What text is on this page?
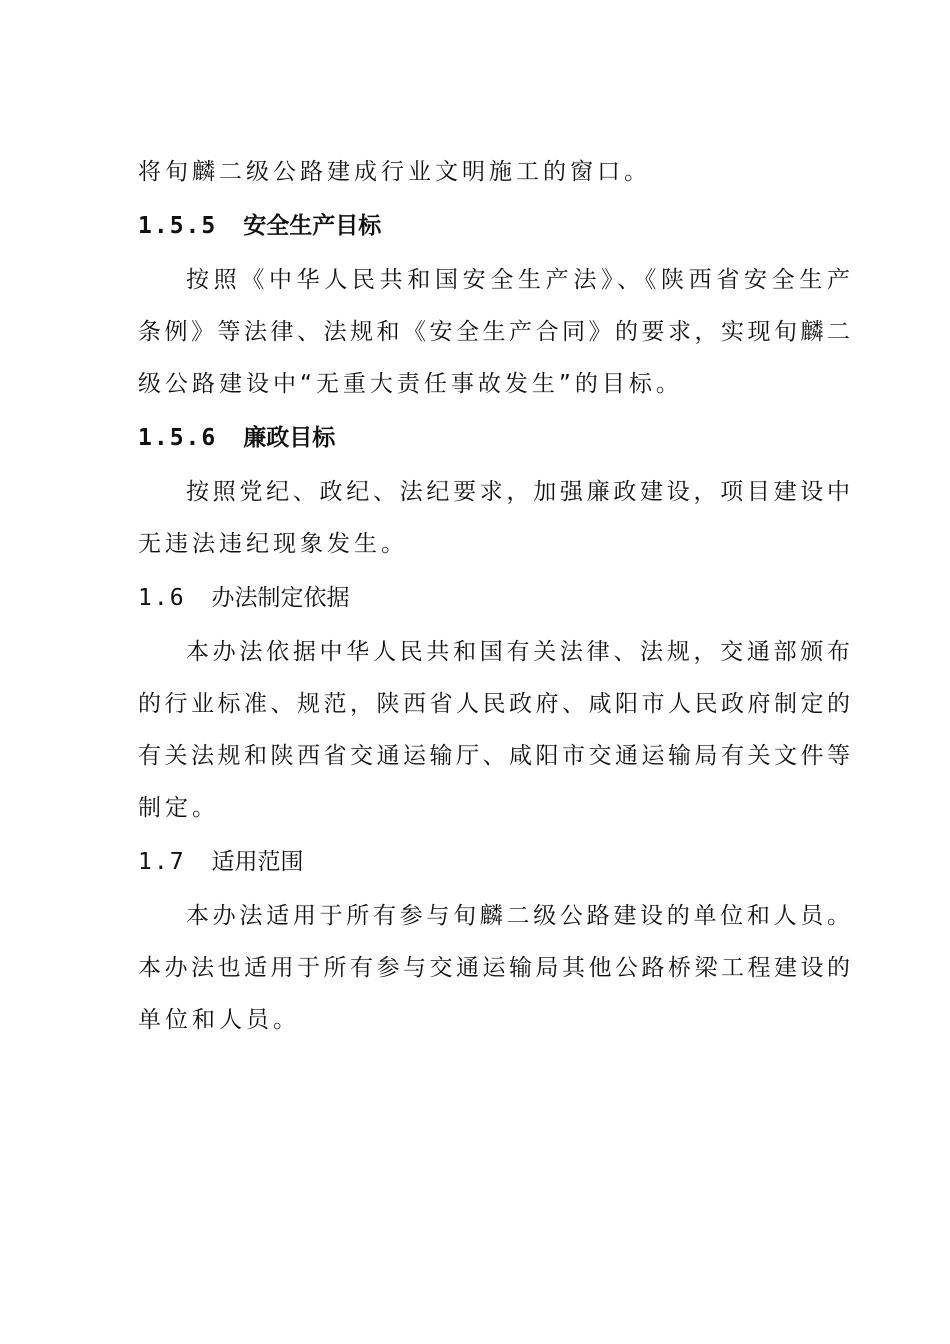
将旬麟二级公路建成行业文明施工的窗口。
1.5.5 安全生产目标
按照《中华人民共和国安全生产法》、《陕西省安全生产
条例》等法律、法规和《安全生产合同》的要求，实现旬麟二
级公路建设中“无重大责任事故发生”的目标。
1.5.6 廉政目标
按照党纪、政纪、法纪要求，加强廉政建设，项目建设中
无违法违纪现象发生。
1.6 办法制定依据
本办法依据中华人民共和国有关法律、法规，交通部颁布
的行业标准、规范，陕西省人民政府、咸阳市人民政府制定的
有关法规和陕西省交通运输厅、咸阳市交通运输局有关文件等
制定。
1.7 适用范围
本办法适用于所有参与旬麟二级公路建设的单位和人员。
本办法也适用于所有参与交通运输局其他公路桥梁工程建设的
单位和人员。
